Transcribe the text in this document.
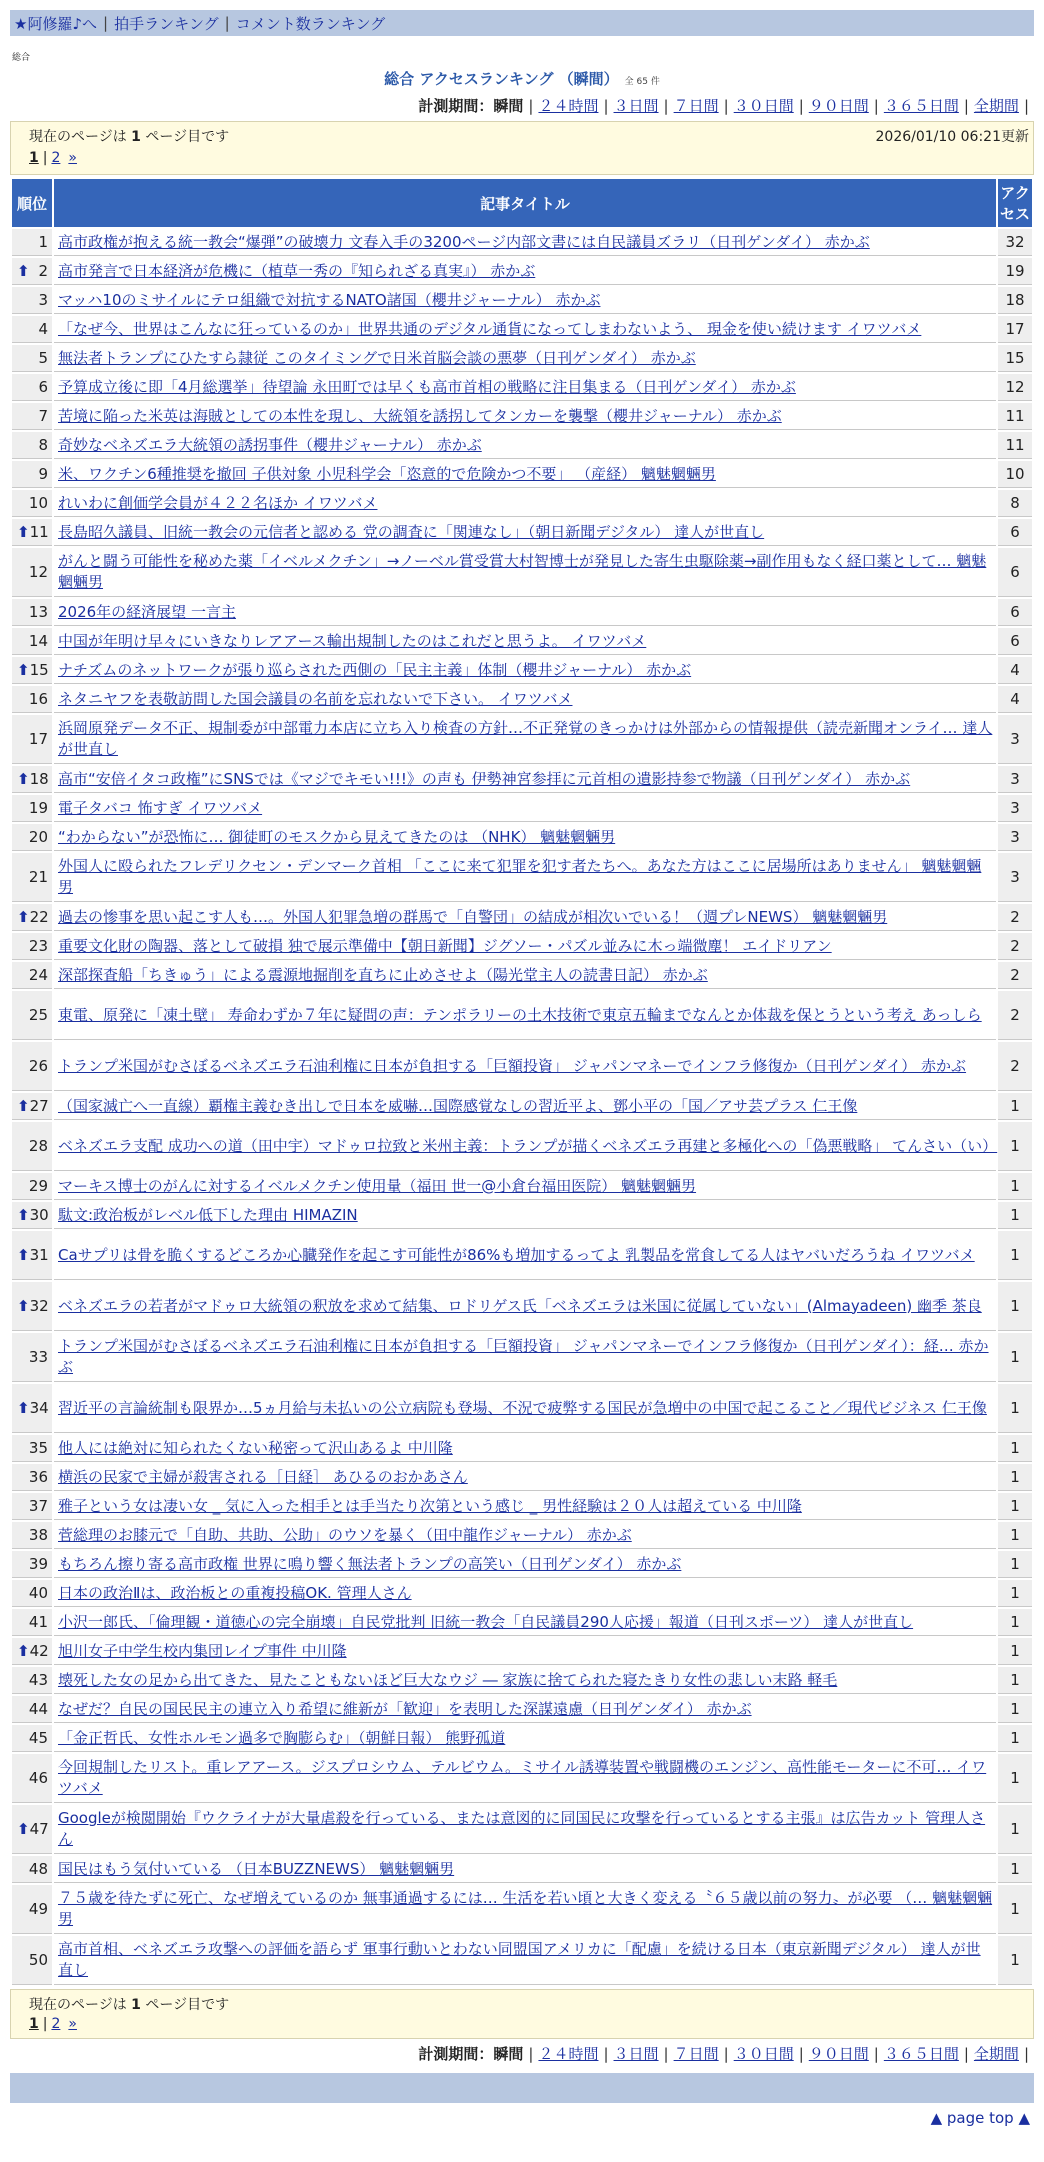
★阿修羅♪へ | 拍手ランキング | コメント数ランキング
総合
総合 アクセスランキング （瞬間） 全 65 件
計測期間：瞬間 | ２４時間 | ３日間 | ７日間 | ３０日間 | ９０日間 | ３６５日間 | 全期間 |
現在のページは 1 ページ目です	2026/01/10 06:21更新
1 | 2 »
順位	記事タイトル	アクセス
1	高市政権が抱える統一教会“爆弾”の破壊力 文春入手の3200ページ内部文書には自民議員ズラリ（日刊ゲンダイ） 赤かぶ	32

⬆ 2	高市発言で日本経済が危機に（植草一秀の『知られざる真実』） 赤かぶ	19
3	マッハ10のミサイルにテロ組織で対抗するNATO諸国（櫻井ジャーナル） 赤かぶ	18
4	「なぜ今、世界はこんなに狂っているのか」世界共通のデジタル通貨になってしまわないよう、 現金を使い続けます イワツバメ	17
5	無法者トランプにひたすら隷従 このタイミングで日米首脳会談の悪夢（日刊ゲンダイ） 赤かぶ	15
6	予算成立後に即「4月総選挙」待望論 永田町では早くも高市首相の戦略に注目集まる（日刊ゲンダイ） 赤かぶ	12
7	苦境に陥った米英は海賊としての本性を現し、大統領を誘拐してタンカーを襲撃（櫻井ジャーナル） 赤かぶ	11
8	奇妙なベネズエラ大統領の誘拐事件（櫻井ジャーナル） 赤かぶ	11
9	米、ワクチン6種推奨を撤回 子供対象 小児科学会「恣意的で危険かつ不要」 （産経） 魑魅魍魎男	10
10	れいわに創価学会員が４２２名ほか イワツバメ	8

⬆ 11	長島昭久議員、旧統一教会の元信者と認める 党の調査に「関連なし」（朝日新聞デジタル） 達人が世直し	6
12	がんと闘う可能性を秘めた薬「イベルメクチン」→ノーベル賞受賞大村智博士が発見した寄生虫駆除薬→副作用もなく経口薬として… 魑魅魍魎男	6
13	2026年の経済展望 一言主	6
14	中国が年明け早々にいきなりレアアース輸出規制したのはこれだと思うよ。 イワツバメ	6

⬆ 15	ナチズムのネットワークが張り巡らされた西側の「民主主義」体制（櫻井ジャーナル） 赤かぶ	4
16	ネタニヤフを表敬訪問した国会議員の名前を忘れないで下さい。 イワツバメ	4
17	浜岡原発データ不正、規制委が中部電力本店に立ち入り検査の方針…不正発覚のきっかけは外部からの情報提供（読売新聞オンライ… 達人が世直し	3

⬆ 18	高市“安倍イタコ政権”にSNSでは《マジでキモい!!!》の声も 伊勢神宮参拝に元首相の遺影持参で物議（日刊ゲンダイ） 赤かぶ	3
19	電子タバコ 怖すぎ イワツバメ	3
20	“わからない”が恐怖に… 御徒町のモスクから見えてきたのは （NHK） 魑魅魍魎男	3
21	外国人に殴られたフレデリクセン・デンマーク首相 「ここに来て犯罪を犯す者たちへ。あなた方はここに居場所はありません」 魑魅魍魎男	3

⬆ 22	過去の惨事を思い起こす人も…。外国人犯罪急増の群馬で「自警団」の結成が相次いでいる！（週プレNEWS） 魑魅魍魎男	2
23	重要文化財の陶器、落として破損 独で展示準備中【朝日新聞】ジグソー・パズル並みに木っ端微塵！ エイドリアン	2
24	深部探査船「ちきゅう」による震源地掘削を直ちに止めさせよ（陽光堂主人の読書日記） 赤かぶ	2
25	東電、原発に「凍土壁」 寿命わずか７年に疑問の声：テンポラリーの土木技術で東京五輪までなんとか体裁を保とうという考え あっしら	2
26	トランプ米国がむさぼるベネズエラ石油利権に日本が負担する「巨額投資」 ジャパンマネーでインフラ修復か（日刊ゲンダイ） 赤かぶ	2

⬆ 27	（国家滅亡へ一直線）覇権主義むき出しで日本を威嚇…国際感覚なしの習近平よ、鄧小平の「国／アサ芸プラス 仁王像	1
28	ベネズエラ支配 成功への道（田中宇）マドゥロ拉致と米州主義：トランプが描くベネズエラ再建と多極化への「偽悪戦略」 てんさい（い）	1
29	マーキス博士のがんに対するイベルメクチン使用量（福田 世一@小倉台福田医院） 魑魅魍魎男	1

⬆ 30	駄文:政治板がレベル低下した理由 HIMAZIN	1

⬆ 31	Caサプリは骨を脆くするどころか心臓発作を起こす可能性が86%も増加するってよ 乳製品を常食してる人はヤバいだろうね イワツバメ	1

⬆ 32	ベネズエラの若者がマドゥロ大統領の釈放を求めて結集、ロドリゲス氏「ベネズエラは米国に従属していない」(Almayadeen) 幽季 茶良	1
33	トランプ米国がむさぼるベネズエラ石油利権に日本が負担する「巨額投資」 ジャパンマネーでインフラ修復か（日刊ゲンダイ）：経… 赤かぶ	1

⬆ 34	習近平の言論統制も限界か…5ヵ月給与未払いの公立病院も登場、不況で疲弊する国民が急増中の中国で起こること／現代ビジネス 仁王像	1
35	他人には絶対に知られたくない秘密って沢山あるよ 中川隆	1
36	横浜の民家で主婦が殺害される［日経］ あひるのおかあさん	1
37	雅子という女は凄い女 _ 気に入った相手とは手当たり次第という感じ _ 男性経験は２０人は超えている 中川隆	1
38	菅総理のお膝元で「自助、共助、公助」のウソを暴く（田中龍作ジャーナル） 赤かぶ	1
39	もちろん擦り寄る高市政権 世界に鳴り響く無法者トランプの高笑い（日刊ゲンダイ） 赤かぶ	1
40	日本の政治Ⅱは、政治板との重複投稿OK. 管理人さん	1
41	小沢一郎氏、「倫理観・道徳心の完全崩壊」自民党批判 旧統一教会「自民議員290人応援」報道（日刊スポーツ） 達人が世直し	1

⬆ 42	旭川女子中学生校内集団レイプ事件 中川隆	1
43	壊死した女の足から出てきた、見たこともないほど巨大なウジ ― 家族に捨てられた寝たきり女性の悲しい末路 軽毛	1
44	なぜだ？自民の国民民主の連立入り希望に維新が「歓迎」を表明した深謀遠慮（日刊ゲンダイ） 赤かぶ	1
45	「金正哲氏、女性ホルモン過多で胸膨らむ」（朝鮮日報） 熊野孤道	1
46	今回規制したリスト。重レアアース。ジスプロシウム、テルビウム。ミサイル誘導装置や戦闘機のエンジン、高性能モーターに不可… イワツバメ	1

⬆ 47	Googleが検閲開始『ウクライナが大量虐殺を行っている、または意図的に同国民に攻撃を行っているとする主張』は広告カット 管理人さん	1
48	国民はもう気付いている （日本BUZZNEWS） 魑魅魍魎男	1
49	７５歳を待たずに死亡、なぜ増えているのか 無事通過するには… 生活を若い頃と大きく変える〝６５歳以前の努力〟が必要 （… 魑魅魍魎男	1
50	高市首相、ベネズエラ攻撃への評価を語らず 軍事行動いとわない同盟国アメリカに「配慮」を続ける日本（東京新聞デジタル） 達人が世直し	1
現在のページは 1 ページ目です
1 | 2 »
計測期間：瞬間 | ２４時間 | ３日間 | ７日間 | ３０日間 | ９０日間 | ３６５日間 | 全期間 |
▲ page top ▲
